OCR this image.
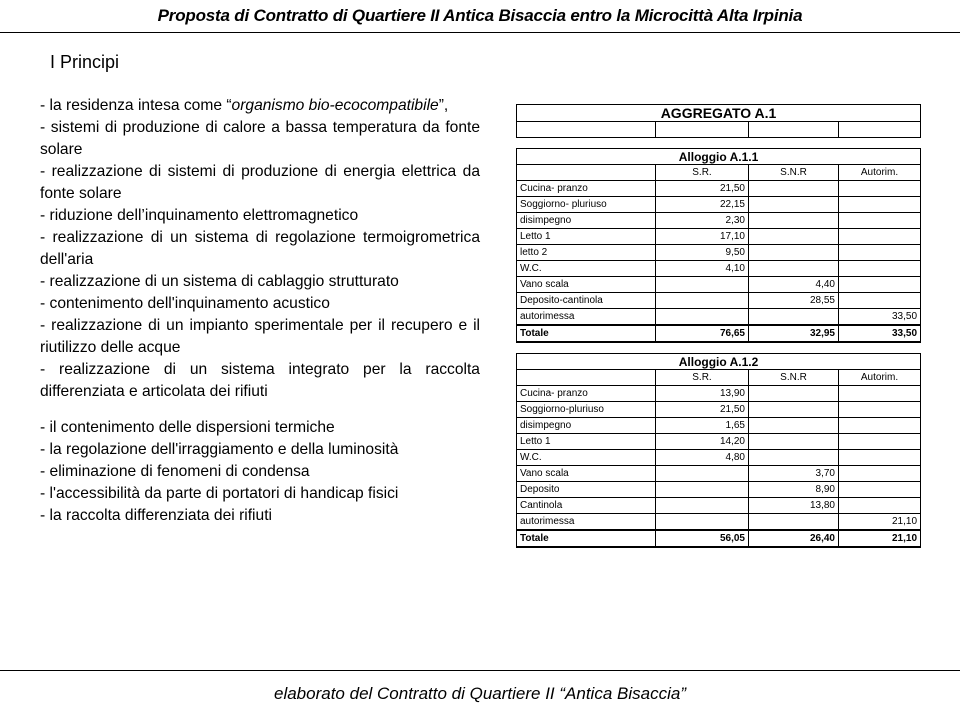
Proposta di Contratto di Quartiere II Antica Bisaccia entro la Microcittà Alta Irpinia
I Principi

- la residenza intesa come “organismo bio-ecocompatibile”,

- sistemi di produzione di calore a bassa temperatura da fonte solare

- realizzazione di sistemi di produzione di energia elettrica da fonte solare

- riduzione dell’inquinamento elettromagnetico

- realizzazione di un sistema di regolazione termoigrometrica dell'aria

- realizzazione di un sistema di cablaggio strutturato

- contenimento dell'inquinamento acustico

- realizzazione di un impianto sperimentale per il recupero e il riutilizzo delle acque

- realizzazione di un sistema integrato per la raccolta differenziata e articolata dei rifiuti

- il contenimento delle dispersioni termiche

- la regolazione dell'irraggiamento e della luminosità

- eliminazione di fenomeni di condensa

- l'accessibilità da parte di portatori di handicap fisici

- la raccolta differenziata dei rifiuti

AGGREGATO A.1			

Alloggio A.1.1			
	S.R.	S.N.R	Autorim.
Cucina- pranzo	21,50		
Soggiorno- pluriuso	22,15		
disimpegno	2,30		
Letto 1	17,10		
letto 2	9,50		
W.C.	4,10		
Vano scala		4,40	
Deposito-cantinola		28,55	
autorimessa			33,50
Totale	76,65	32,95	33,50

Alloggio A.1.2			
	S.R.	S.N.R	Autorim.
Cucina- pranzo	13,90		
Soggiorno-pluriuso	21,50		
disimpegno	1,65		
Letto 1	14,20		
W.C.	4,80		
Vano scala		3,70	
Deposito		8,90	
Cantinola		13,80	
autorimessa			21,10
Totale	56,05	26,40	21,10
elaborato del Contratto di Quartiere II “Antica Bisaccia”
